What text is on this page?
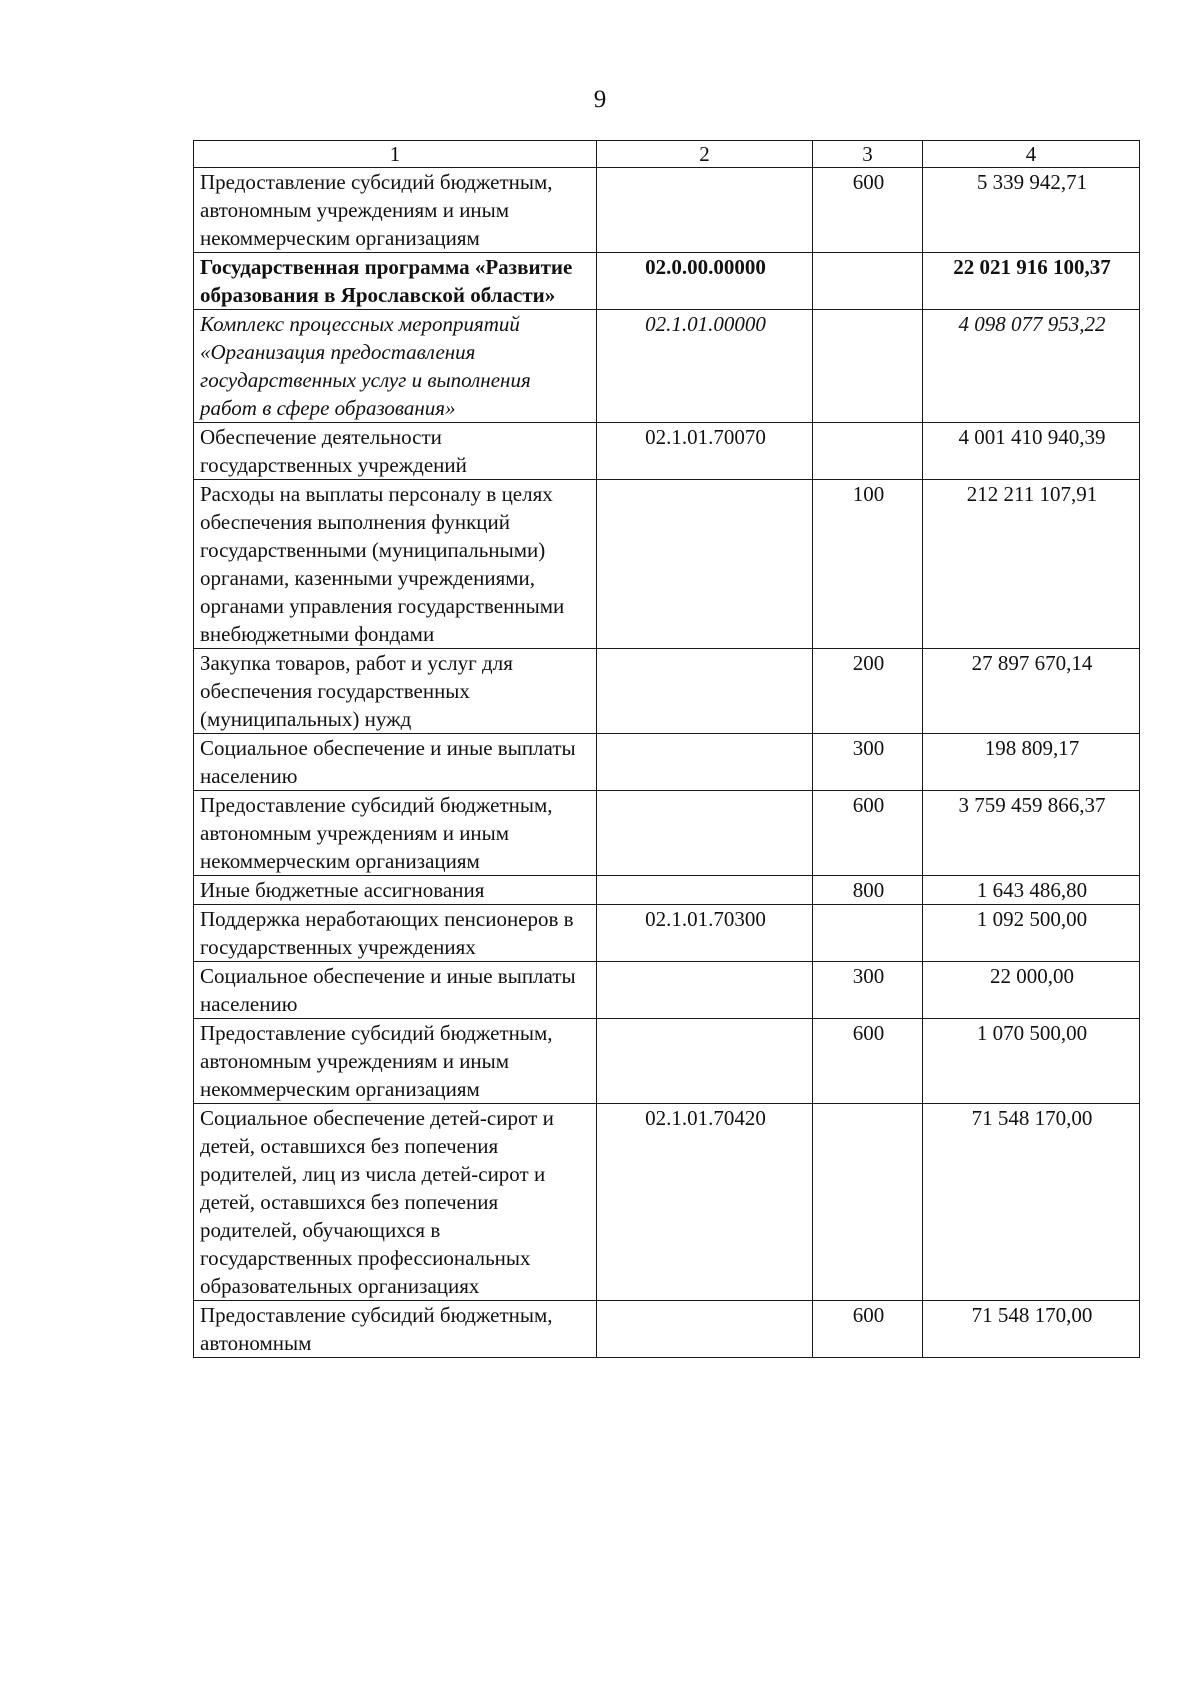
9
1	2	3	4
Предоставление субсидий бюджетным, автономным учреждениям и иным некоммерческим организациям		600	5 339 942,71
Государственная программа «Развитие образования в Ярославской области»	02.0.00.00000		22 021 916 100,37
Комплекс процессных мероприятий «Организация предоставления государственных услуг и выполнения работ в сфере образования»	02.1.01.00000		4 098 077 953,22
Обеспечение деятельности государственных учреждений	02.1.01.70070		4 001 410 940,39
Расходы на выплаты персоналу в целях обеспечения выполнения функций государственными (муниципальными) органами, казенными учреждениями, органами управления государственными внебюджетными фондами		100	212 211 107,91
Закупка товаров, работ и услуг для обеспечения государственных (муниципальных) нужд		200	27 897 670,14
Социальное обеспечение и иные выплаты населению		300	198 809,17
Предоставление субсидий бюджетным, автономным учреждениям и иным некоммерческим организациям		600	3 759 459 866,37
Иные бюджетные ассигнования		800	1 643 486,80
Поддержка неработающих пенсионеров в государственных учреждениях	02.1.01.70300		1 092 500,00
Социальное обеспечение и иные выплаты населению		300	22 000,00
Предоставление субсидий бюджетным, автономным учреждениям и иным некоммерческим организациям		600	1 070 500,00
Социальное обеспечение детей-сирот и детей, оставшихся без попечения родителей, лиц из числа детей-сирот и детей, оставшихся без попечения родителей, обучающихся в государственных профессиональных образовательных организациях	02.1.01.70420		71 548 170,00
Предоставление субсидий бюджетным, автономным		600	71 548 170,00
